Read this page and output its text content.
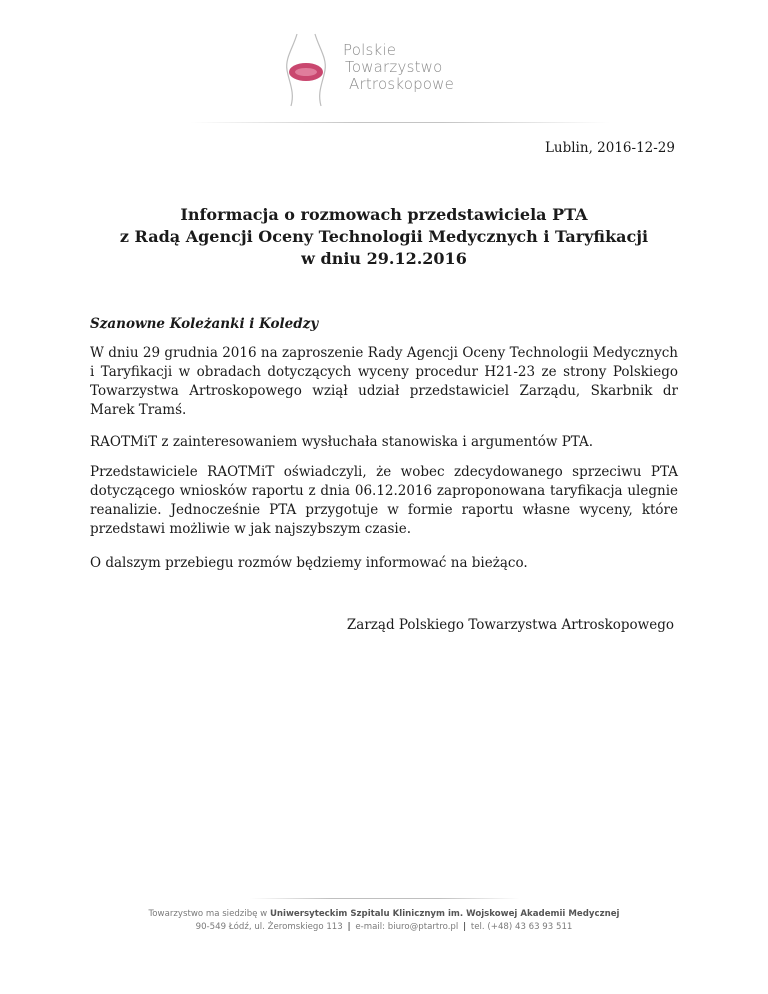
Polskie
Towarzystwo
Artroskopowe
Lublin, 2016-12-29
Informacja o rozmowach przedstawiciela PTA
z Radą Agencji Oceny Technologii Medycznych i Taryfikacji
w dniu 29.12.2016
Szanowne Koleżanki i Koledzy
W dniu 29 grudnia 2016 na zaproszenie Rady Agencji Oceny Technologii Medycznych i Taryfikacji w obradach dotyczących wyceny procedur H21-23 ze strony Polskiego Towarzystwa Artroskopowego wziął udział przedstawiciel Zarządu, Skarbnik dr Marek Tramś.
RAOTMiT z zainteresowaniem wysłuchała stanowiska i argumentów PTA.
Przedstawiciele RAOTMiT oświadczyli, że wobec zdecydowanego sprzeciwu PTA dotyczącego wniosków raportu z dnia 06.12.2016 zaproponowana taryfikacja ulegnie reanalizie. Jednocześnie PTA przygotuje w formie raportu własne wyceny, które przedstawi możliwie w jak najszybszym czasie.
O dalszym przebiegu rozmów będziemy informować na bieżąco.
Zarząd Polskiego Towarzystwa Artroskopowego
Towarzystwo ma siedzibę w Uniwersyteckim Szpitalu Klinicznym im. Wojskowej Akademii Medycznej
90-549 Łódź, ul. Żeromskiego 113 | e-mail: biuro@ptartro.pl | tel. (+48) 43 63 93 511
